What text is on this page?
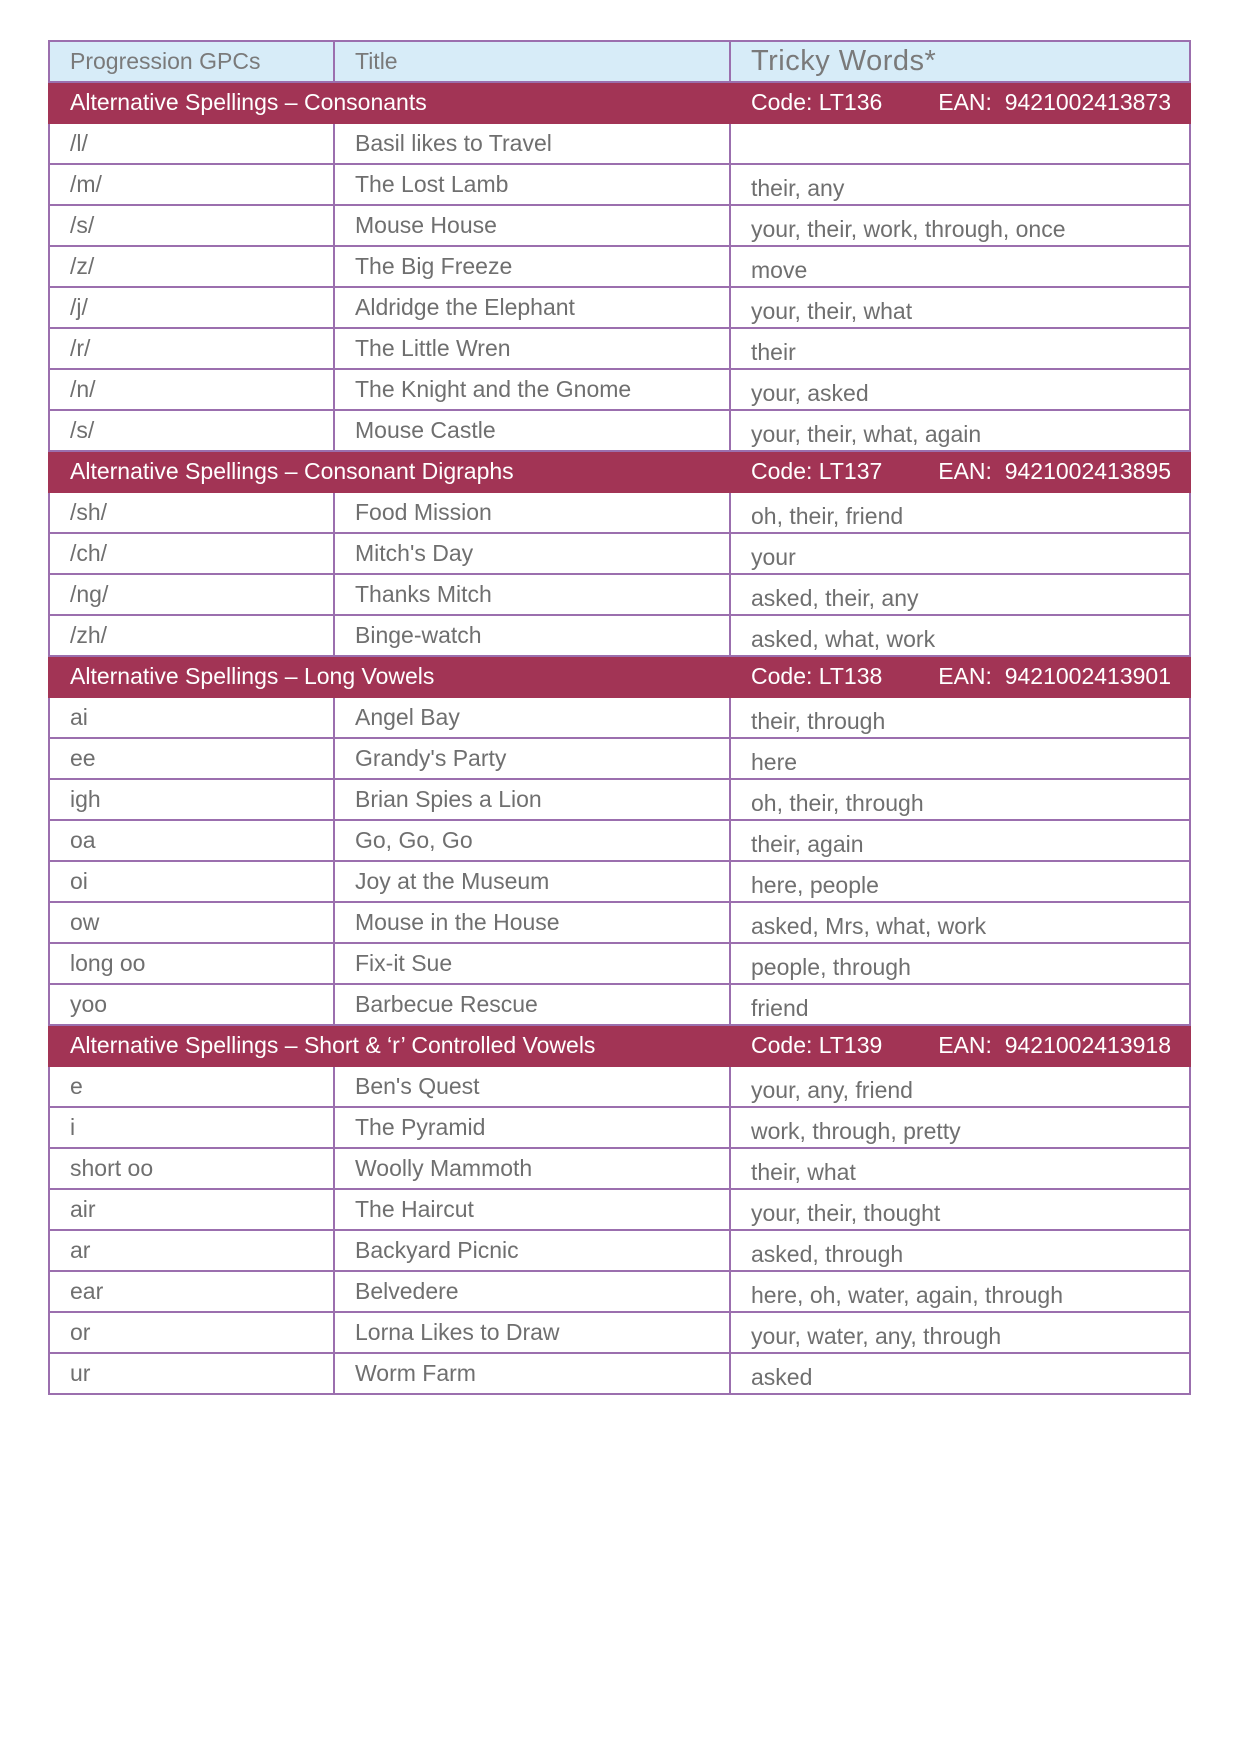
Progression GPCs	Title	Tricky Words*
Alternative Spellings – Consonants		Code: LT136 EAN:  9421002413873

/l/	Basil likes to Travel	
/m/	The Lost Lamb	their, any
/s/	Mouse House	your, their, work, through, once
/z/	The Big Freeze	move
/j/	Aldridge the Elephant	your, their, what
/r/	The Little Wren	their
/n/	The Knight and the Gnome	your, asked
/s/	Mouse Castle	your, their, what, again
Alternative Spellings – Consonant Digraphs		Code: LT137 EAN:  9421002413895

/sh/	Food Mission	oh, their, friend
/ch/	Mitch's Day	your
/ng/	Thanks Mitch	asked, their, any
/zh/	Binge-watch	asked, what, work
Alternative Spellings – Long Vowels		Code: LT138 EAN:  9421002413901

ai	Angel Bay	their, through
ee	Grandy's Party	here
igh	Brian Spies a Lion	oh, their, through
oa	Go, Go, Go	their, again
oi	Joy at the Museum	here, people
ow	Mouse in the House	asked, Mrs, what, work
long oo	Fix-it Sue	people, through
yoo	Barbecue Rescue	friend
Alternative Spellings – Short & ‘r’ Controlled Vowels		Code: LT139 EAN:  9421002413918

e	Ben's Quest	your, any, friend
i	The Pyramid	work, through, pretty
short oo	Woolly Mammoth	their, what
air	The Haircut	your, their, thought
ar	Backyard Picnic	asked, through
ear	Belvedere	here, oh, water, again, through
or	Lorna Likes to Draw	your, water, any, through
ur	Worm Farm	asked
